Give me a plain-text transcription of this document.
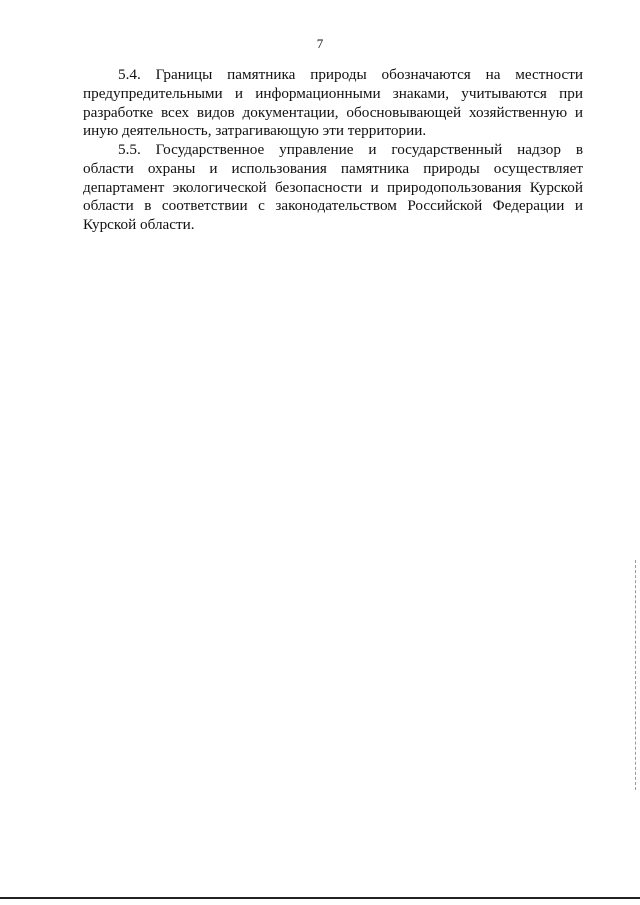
7
5.4. Границы памятника природы обозначаются на местности
предупредительными и информационными знаками, учитываются при
разработке всех видов документации, обосновывающей хозяйственную и
иную деятельность, затрагивающую эти территории.
5.5. Государственное управление и государственный надзор в
области охраны и использования памятника природы осуществляет
департамент экологической безопасности и природопользования Курской
области в соответствии с законодательством Российской Федерации и
Курской области.
